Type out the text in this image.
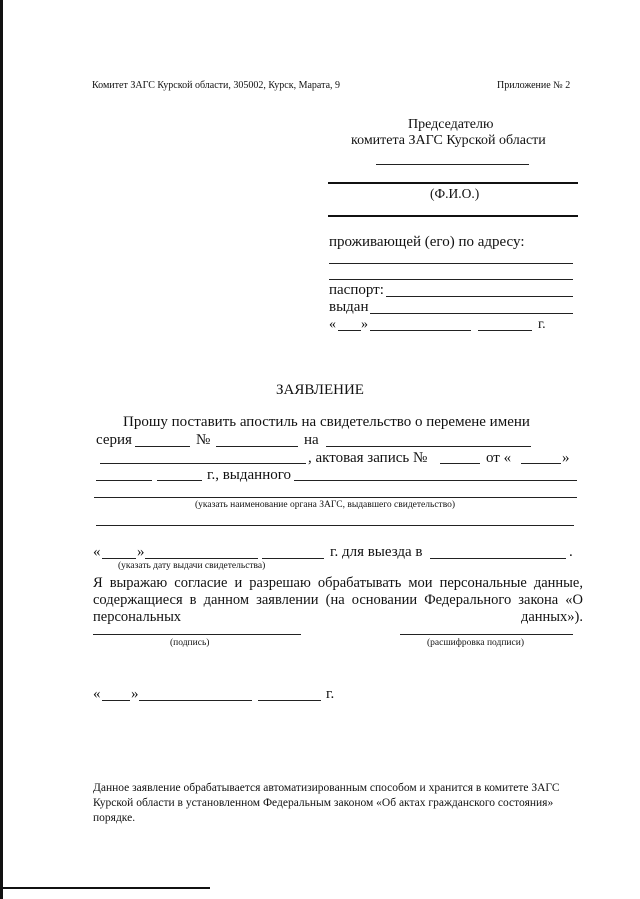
Комитет ЗАГС Курской области, 305002, Курск, Марата, 9	Приложение № 2
Председателю
комитета ЗАГС Курской области
(Ф.И.О.)
проживающей (его) по адресу:
паспорт:
выдан
« »	г.
ЗАЯВЛЕНИЕ
Прошу поставить апостиль на свидетельство о перемене имени
серия	№	на
, актовая запись №	от «	»
г., выданного
(указать наименование органа ЗАГС, выдавшего свидетельство)
« »	г. для выезда в	.
(указать дату выдачи свидетельства)
Я выражаю согласие и разрешаю обрабатывать мои персональные данные, содержащиеся в данном заявлении (на основании Федерального закона «О персональных данных»).
(подпись)	(расшифровка подписи)
« »	г.
Данное заявление обрабатывается автоматизированным способом и хранится в комитете ЗАГС Курской области в установленном Федеральным законом «Об актах гражданского состояния» порядке.
